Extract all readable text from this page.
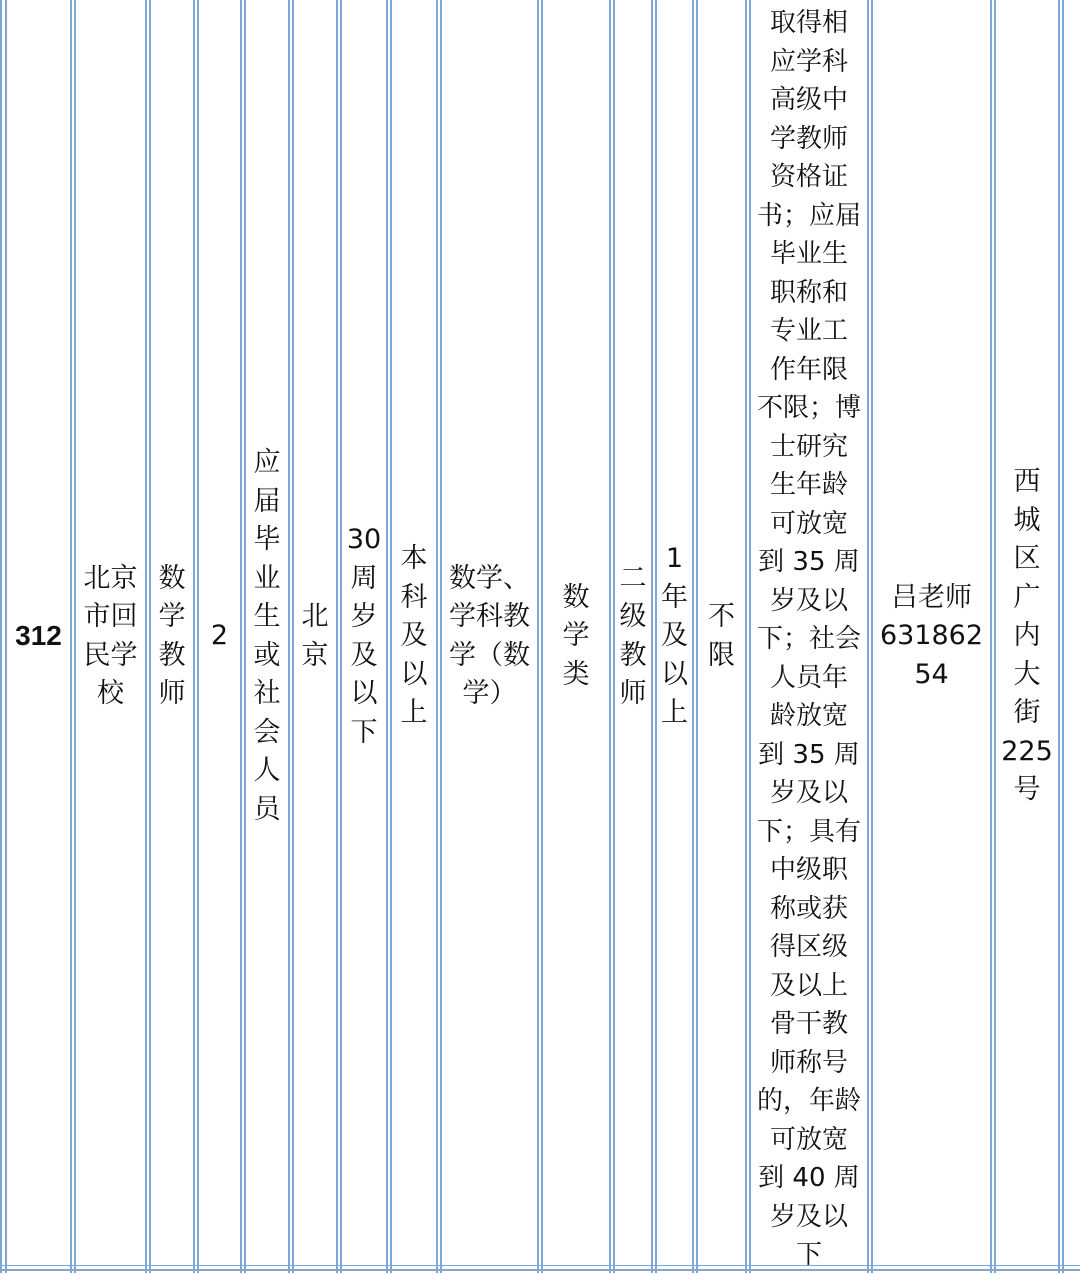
312
北京
市回
民学
校
数
学
教
师
2
应
届
毕
业
生
或
社
会
人
员
北
京
30
周
岁
及
以
下
本
科
及
以
上
数学、
学科教
学（数
学）
数
学
类
二
级
教
师
1
年
及
以
上
不
限
取得相
应学科
高级中
学教师
资格证
书；应届
毕业生
职称和
专业工
作年限
不限；博
士研究
生年龄
可放宽
到 35 周
岁及以
下；社会
人员年
龄放宽
到 35 周
岁及以
下；具有
中级职
称或获
得区级
及以上
骨干教
师称号
的，年龄
可放宽
到 40 周
岁及以
下
吕老师
631862
54
西
城
区
广
内
大
街
225
号
